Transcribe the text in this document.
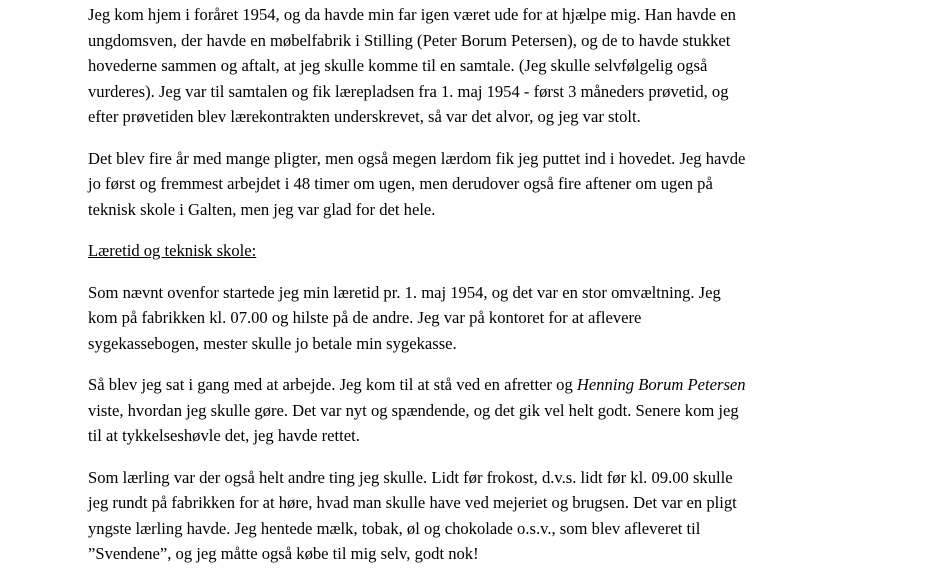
Jeg kom hjem i foråret 1954, og da havde min far igen været ude for at hjælpe mig. Han havde en
ungdomsven, der havde en møbelfabrik i Stilling (Peter Borum Petersen), og de to havde stukket
hovederne sammen og aftalt, at jeg skulle komme til en samtale. (Jeg skulle selvfølgelig også
vurderes). Jeg var til samtalen og fik lærepladsen fra 1. maj 1954 - først 3 måneders prøvetid, og
efter prøvetiden blev lærekontrakten underskrevet, så var det alvor, og jeg var stolt.
Det blev fire år med mange pligter, men også megen lærdom fik jeg puttet ind i hovedet. Jeg havde
jo først og fremmest arbejdet i 48 timer om ugen, men derudover også fire aftener om ugen på
teknisk skole i Galten, men jeg var glad for det hele.
Læretid og teknisk skole:
Som nævnt ovenfor startede jeg min læretid pr. 1. maj 1954, og det var en stor omvæltning. Jeg
kom på fabrikken kl. 07.00 og hilste på de andre. Jeg var på kontoret for at aflevere
sygekassebogen, mester skulle jo betale min sygekasse.
Så blev jeg sat i gang med at arbejde. Jeg kom til at stå ved en afretter og Henning Borum Petersen
viste, hvordan jeg skulle gøre. Det var nyt og spændende, og det gik vel helt godt. Senere kom jeg
til at tykkelseshøvle det, jeg havde rettet.
Som lærling var der også helt andre ting jeg skulle. Lidt før frokost, d.v.s. lidt før kl. 09.00 skulle
jeg rundt på fabrikken for at høre, hvad man skulle have ved mejeriet og brugsen. Det var en pligt
yngste lærling havde. Jeg hentede mælk, tobak, øl og chokolade o.s.v., som blev afleveret til
”Svendene”, og jeg måtte også købe til mig selv, godt nok!
